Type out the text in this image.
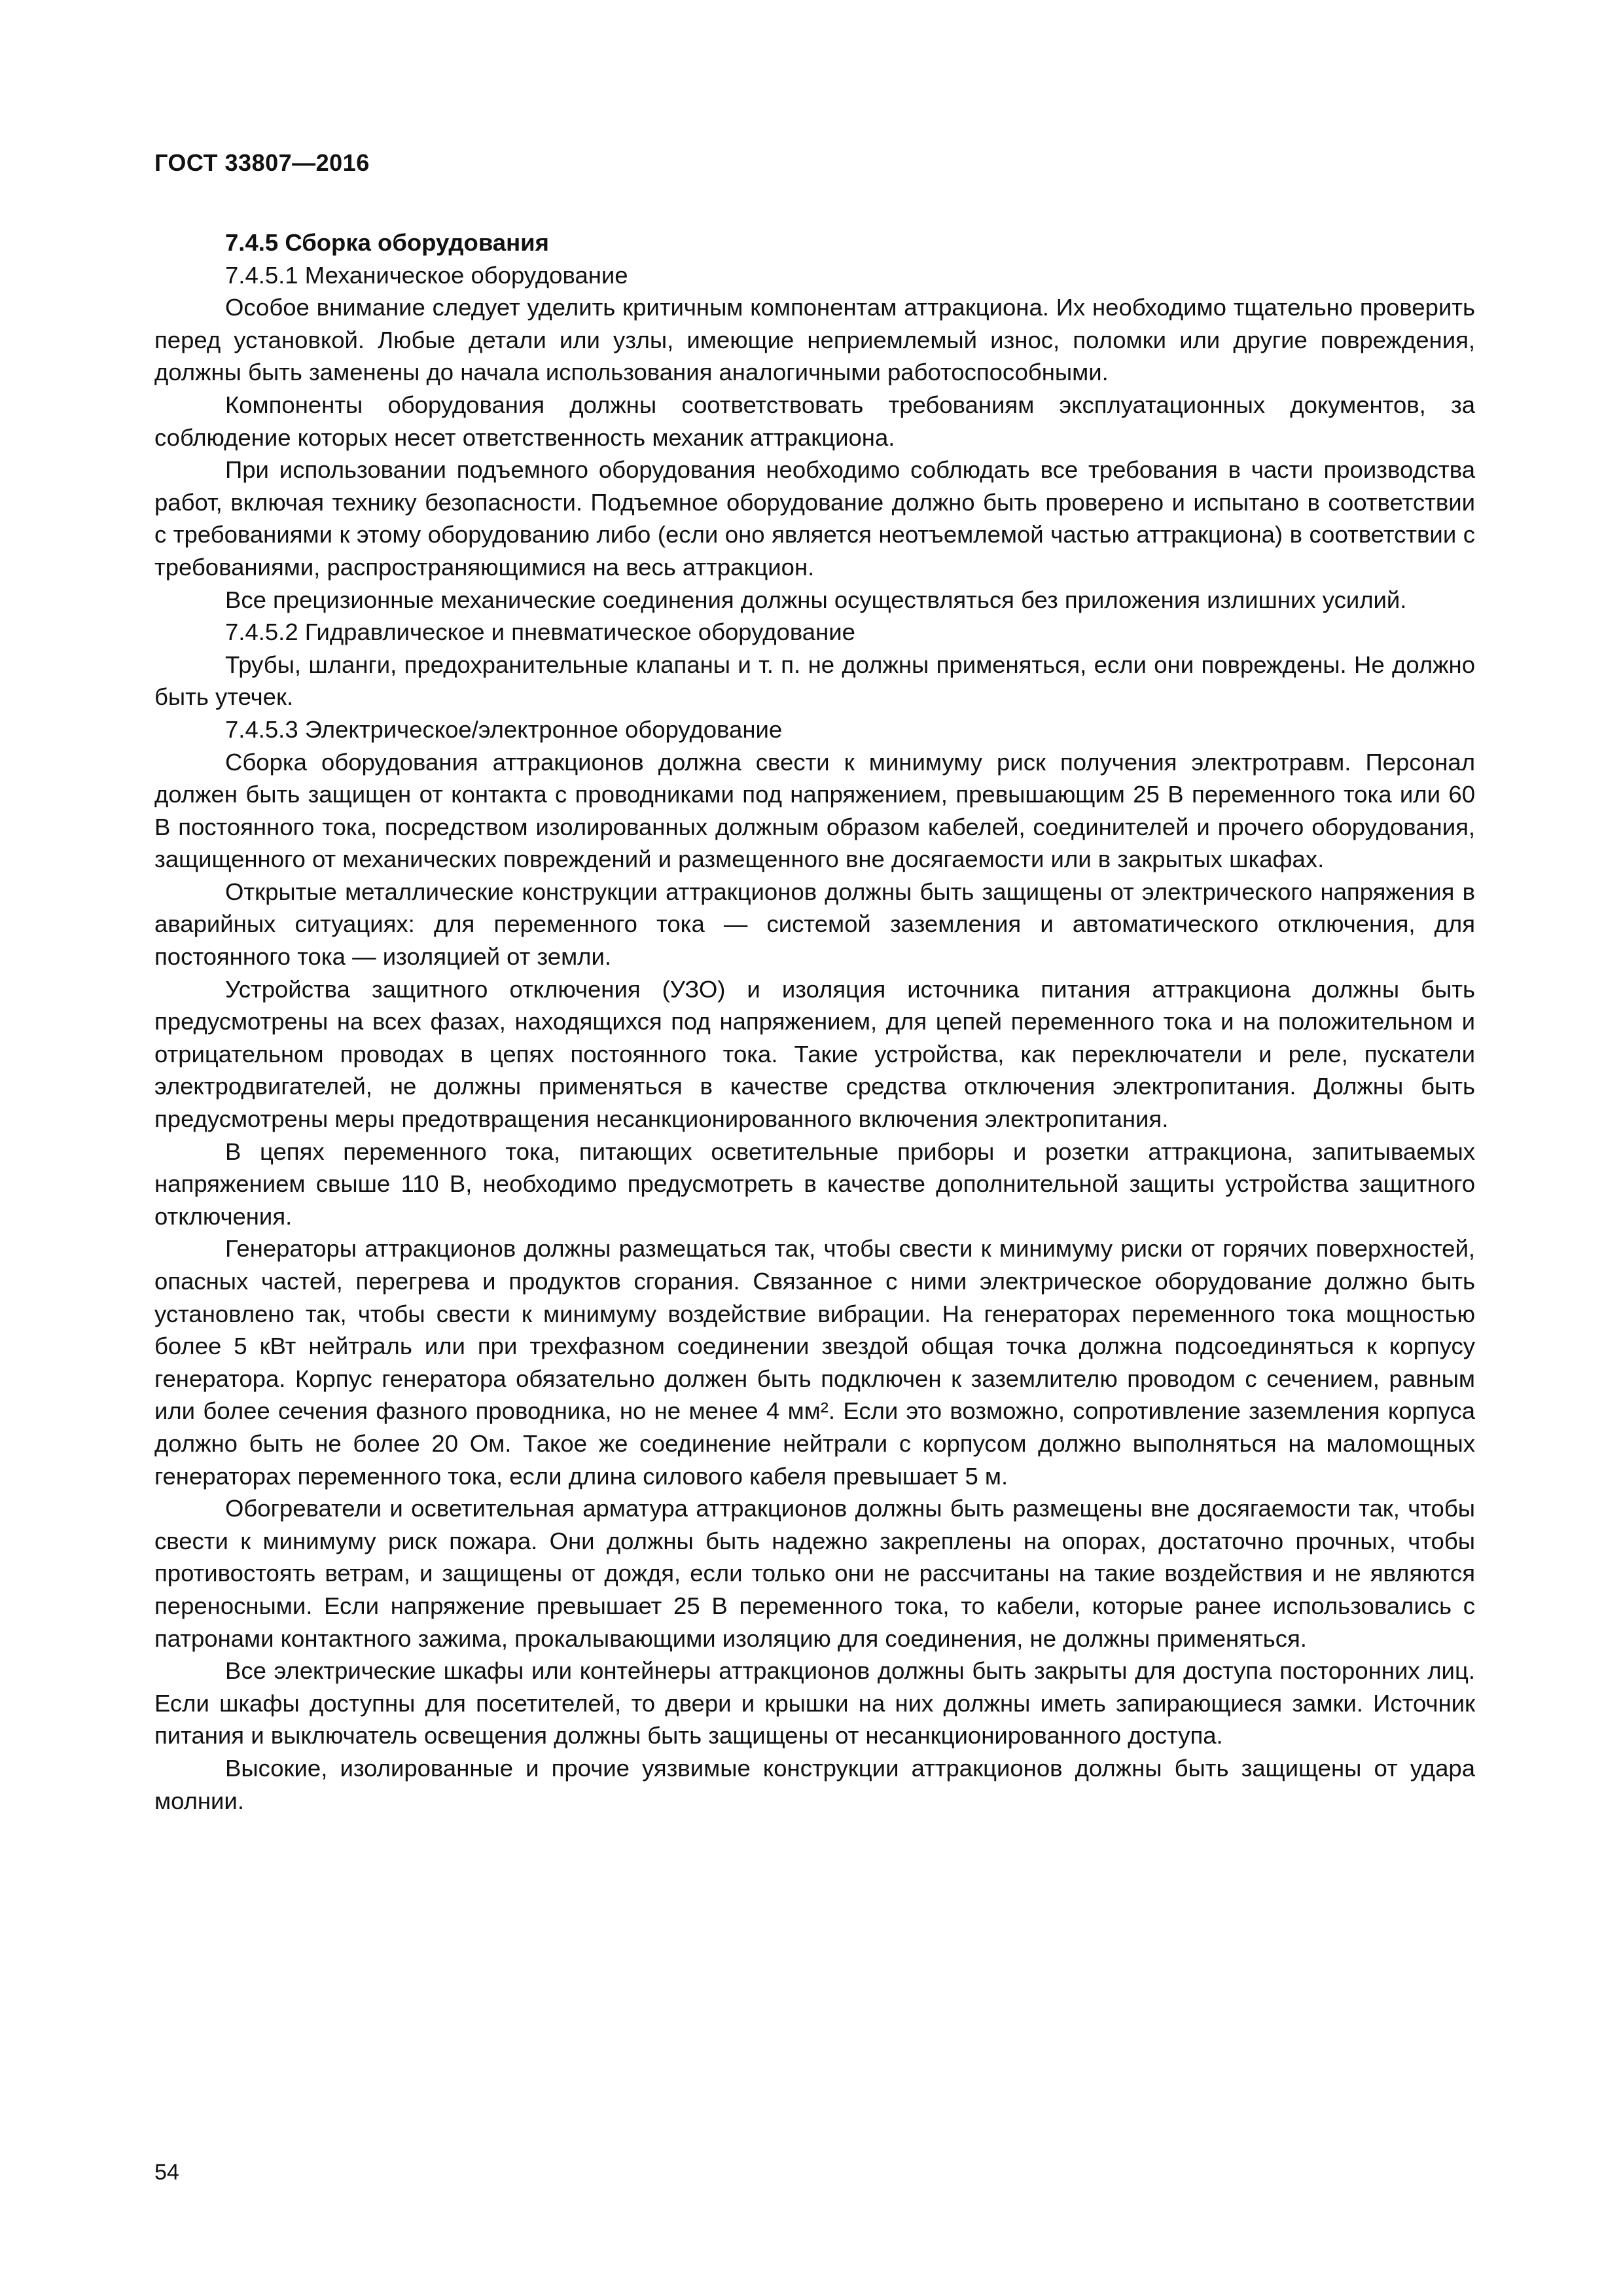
ГОСТ 33807—2016

7.4.5 Сборка оборудования

7.4.5.1 Механическое оборудование

Особое внимание следует уделить критичным компонентам аттракциона. Их необходимо тщательно проверить перед установкой. Любые детали или узлы, имеющие неприемлемый износ, поломки или другие повреждения, должны быть заменены до начала использования аналогичными работоспособными.

Компоненты оборудования должны соответствовать требованиям эксплуатационных документов, за соблюдение которых несет ответственность механик аттракциона.

При использовании подъемного оборудования необходимо соблюдать все требования в части производства работ, включая технику безопасности. Подъемное оборудование должно быть проверено и испытано в соответствии с требованиями к этому оборудованию либо (если оно является неотъемлемой частью аттракциона) в соответствии с требованиями, распространяющимися на весь аттракцион.

Все прецизионные механические соединения должны осуществляться без приложения излишних усилий.

7.4.5.2 Гидравлическое и пневматическое оборудование

Трубы, шланги, предохранительные клапаны и т. п. не должны применяться, если они повреждены. Не должно быть утечек.

7.4.5.3 Электрическое/электронное оборудование

Сборка оборудования аттракционов должна свести к минимуму риск получения электротравм. Персонал должен быть защищен от контакта с проводниками под напряжением, превышающим 25 В переменного тока или 60 В постоянного тока, посредством изолированных должным образом кабелей, соединителей и прочего оборудования, защищенного от механических повреждений и размещенного вне досягаемости или в закрытых шкафах.

Открытые металлические конструкции аттракционов должны быть защищены от электрического напряжения в аварийных ситуациях: для переменного тока — системой заземления и автоматического отключения, для постоянного тока — изоляцией от земли.

Устройства защитного отключения (УЗО) и изоляция источника питания аттракциона должны быть предусмотрены на всех фазах, находящихся под напряжением, для цепей переменного тока и на положительном и отрицательном проводах в цепях постоянного тока. Такие устройства, как переключатели и реле, пускатели электродвигателей, не должны применяться в качестве средства отключения электропитания. Должны быть предусмотрены меры предотвращения несанкционированного включения электропитания.

В цепях переменного тока, питающих осветительные приборы и розетки аттракциона, запитываемых напряжением свыше 110 В, необходимо предусмотреть в качестве дополнительной защиты устройства защитного отключения.

Генераторы аттракционов должны размещаться так, чтобы свести к минимуму риски от горячих поверхностей, опасных частей, перегрева и продуктов сгорания. Связанное с ними электрическое оборудование должно быть установлено так, чтобы свести к минимуму воздействие вибрации. На генераторах переменного тока мощностью более 5 кВт нейтраль или при трехфазном соединении звездой общая точка должна подсоединяться к корпусу генератора. Корпус генератора обязательно должен быть подключен к заземлителю проводом с сечением, равным или более сечения фазного проводника, но не менее 4 мм². Если это возможно, сопротивление заземления корпуса должно быть не более 20 Ом. Такое же соединение нейтрали с корпусом должно выполняться на маломощных генераторах переменного тока, если длина силового кабеля превышает 5 м.

Обогреватели и осветительная арматура аттракционов должны быть размещены вне досягаемости так, чтобы свести к минимуму риск пожара. Они должны быть надежно закреплены на опорах, достаточно прочных, чтобы противостоять ветрам, и защищены от дождя, если только они не рассчитаны на такие воздействия и не являются переносными. Если напряжение превышает 25 В переменного тока, то кабели, которые ранее использовались с патронами контактного зажима, прокалывающими изоляцию для соединения, не должны применяться.

Все электрические шкафы или контейнеры аттракционов должны быть закрыты для доступа посторонних лиц. Если шкафы доступны для посетителей, то двери и крышки на них должны иметь запирающиеся замки. Источник питания и выключатель освещения должны быть защищены от несанкционированного доступа.

Высокие, изолированные и прочие уязвимые конструкции аттракционов должны быть защищены от удара молнии.

54
